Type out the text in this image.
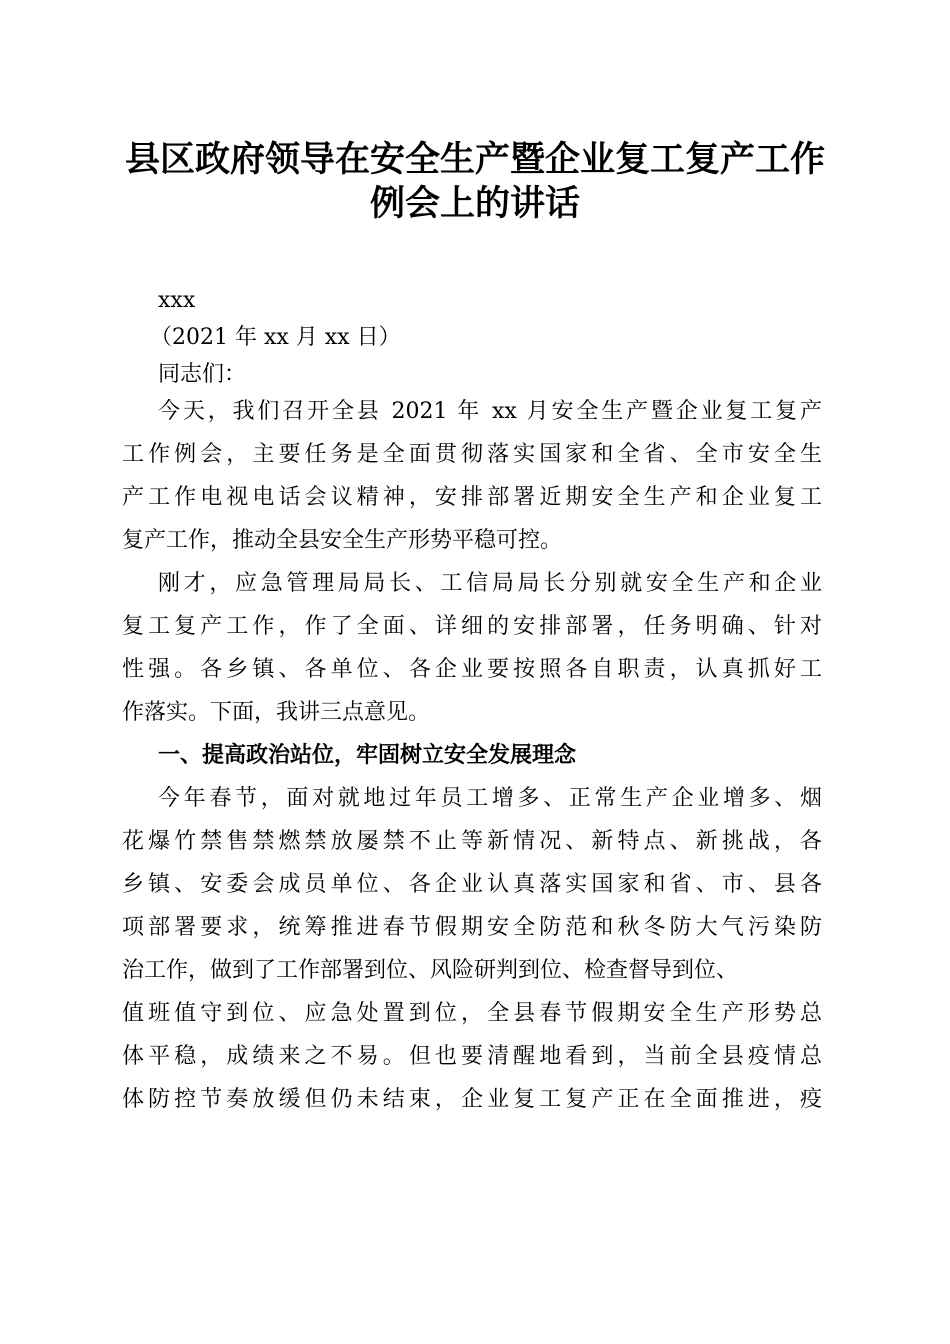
县区政府领导在安全生产暨企业复工复产工作
例会上的讲话
xxx
（2021 年 xx 月 xx 日）
同志们：
今天，我们召开全县 2021 年 xx 月安全生产暨企业复工复产
工作例会，主要任务是全面贯彻落实国家和全省、全市安全生
产工作电视电话会议精神，安排部署近期安全生产和企业复工
复产工作，推动全县安全生产形势平稳可控。
刚才，应急管理局局长、工信局局长分别就安全生产和企业
复工复产工作，作了全面、详细的安排部署，任务明确、针对
性强。各乡镇、各单位、各企业要按照各自职责，认真抓好工
作落实。下面，我讲三点意见。
一、提高政治站位，牢固树立安全发展理念
今年春节，面对就地过年员工增多、正常生产企业增多、烟
花爆竹禁售禁燃禁放屡禁不止等新情况、新特点、新挑战，各
乡镇、安委会成员单位、各企业认真落实国家和省、市、县各
项部署要求，统筹推进春节假期安全防范和秋冬防大气污染防
治工作，做到了工作部署到位、风险研判到位、检查督导到位、
值班值守到位、应急处置到位，全县春节假期安全生产形势总
体平稳，成绩来之不易。但也要清醒地看到，当前全县疫情总
体防控节奏放缓但仍未结束，企业复工复产正在全面推进，疫
